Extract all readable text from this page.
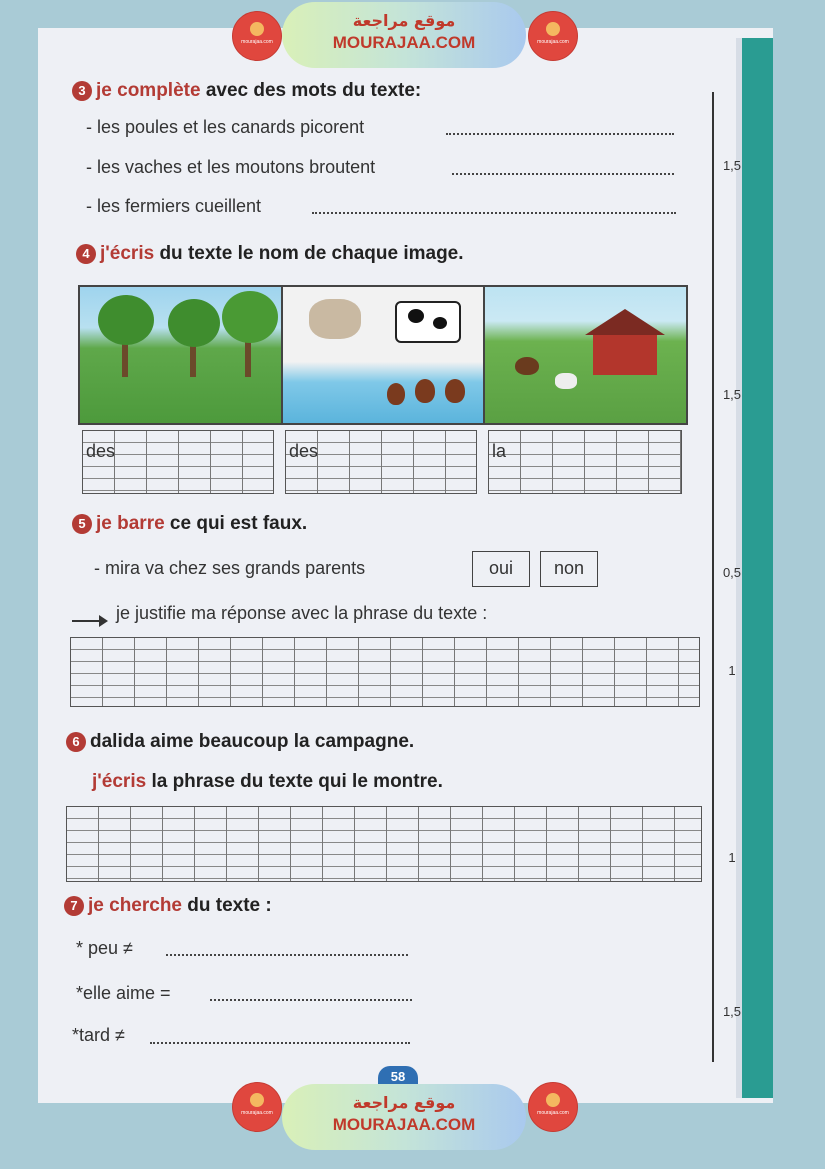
mourajaa.com
موقع مراجعة
MOURAJAA.COM	mourajaa.com
3 je complète avec des mots du texte:
- les poules et les canards picorent
- les vaches et les moutons broutent
- les fermiers cueillent
1,5
4 j'écris du texte le nom de chaque image.
1,5
des	des	la
5 je barre ce qui est faux.
- mira va chez ses grands parents	oui	non	0,5
je justifie ma réponse avec la phrase du texte :
1
6 dalida aime beaucoup la campagne.
j'écris la phrase du texte qui le montre.
1
7 je cherche du texte :
* peu ≠
*elle aime =
*tard ≠
1,5
58
mourajaa.com
موقع مراجعة
MOURAJAA.COM
mourajaa.com
